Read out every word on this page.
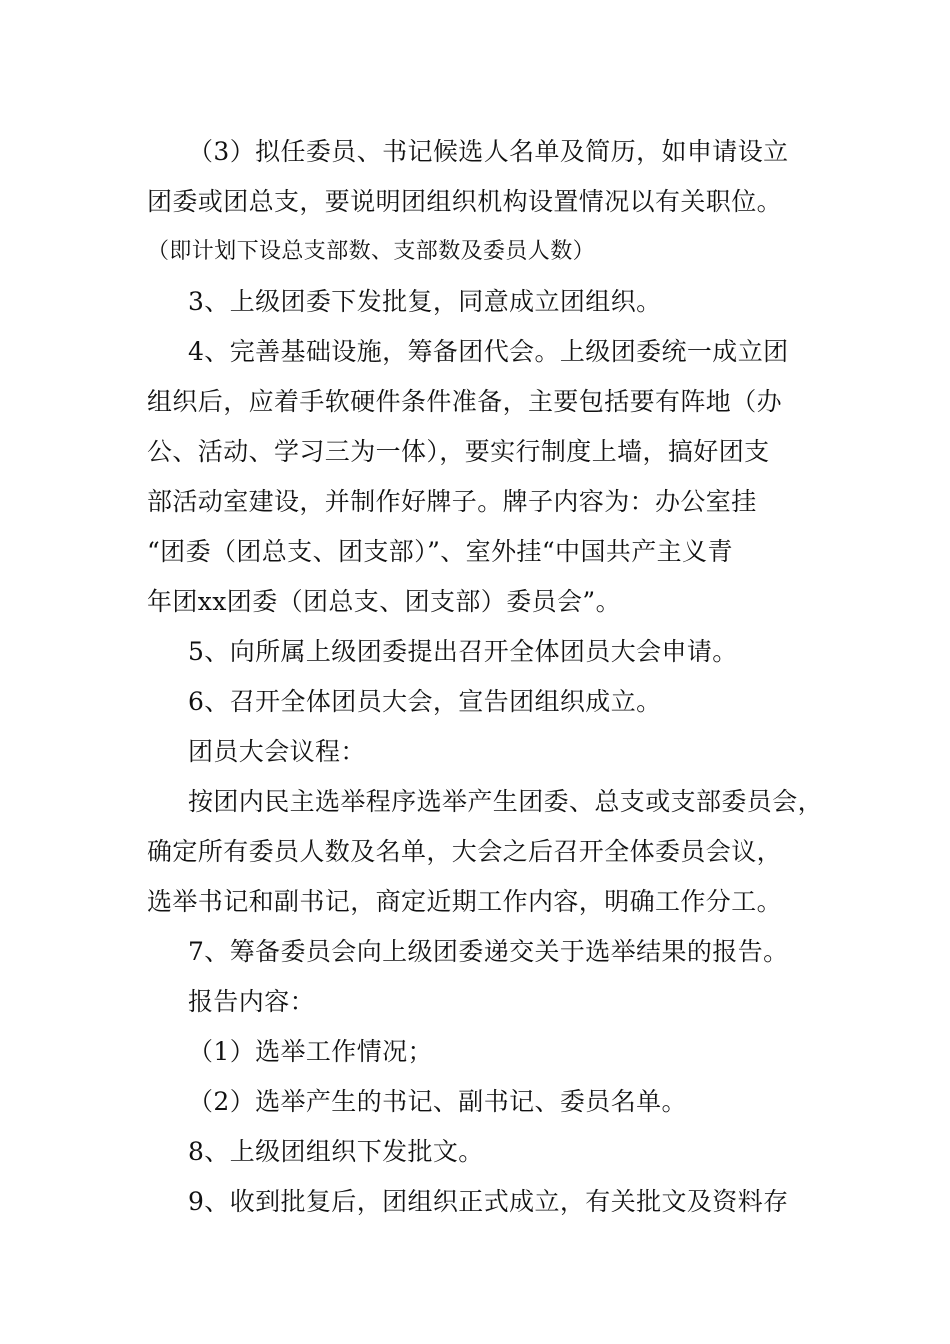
（3）拟任委员、书记候选人名单及简历，如申请设立
团委或团总支，要说明团组织机构设置情况以有关职位。
（即计划下设总支部数、支部数及委员人数）
3、上级团委下发批复，同意成立团组织。
4、完善基础设施，筹备团代会。上级团委统一成立团
组织后，应着手软硬件条件准备，主要包括要有阵地（办
公、活动、学习三为一体），要实行制度上墙，搞好团支
部活动室建设，并制作好牌子。牌子内容为：办公室挂
“团委（团总支、团支部）”、室外挂“中国共产主义青
年团xx团委（团总支、团支部）委员会”。
5、向所属上级团委提出召开全体团员大会申请。
6、召开全体团员大会，宣告团组织成立。
团员大会议程：
按团内民主选举程序选举产生团委、总支或支部委员会，
确定所有委员人数及名单，大会之后召开全体委员会议，
选举书记和副书记，商定近期工作内容，明确工作分工。
7、筹备委员会向上级团委递交关于选举结果的报告。
报告内容：
（1）选举工作情况；
（2）选举产生的书记、副书记、委员名单。
8、上级团组织下发批文。
9、收到批复后，团组织正式成立，有关批文及资料存
